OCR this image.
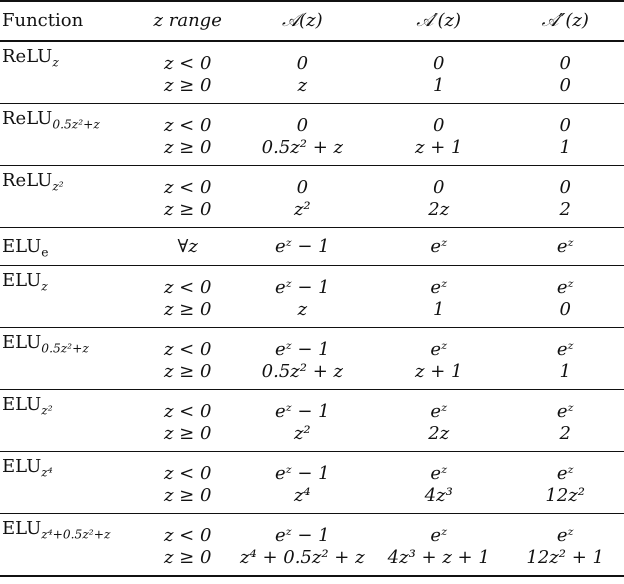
Function	z range	𝒜(z)	𝒜′(z)	𝒜″(z)
ReLU$_z$	z < 0	0	0	0
	z ≥ 0	z	1	0
ReLU$_{0.5z^2+z}$	z < 0	0	0	0
	z ≥ 0	0.5z² + z	z + 1	1
ReLU$_{z^2}$	z < 0	0	0	0
	z ≥ 0	z²	2z	2
$ELU_e$	∀z	eᶻ − 1	eᶻ	eᶻ
$ELU_z$	z < 0	eᶻ − 1	eᶻ	eᶻ
	z ≥ 0	z	1	0
$ELU_{0.5z^2+z}$	z < 0	eᶻ − 1	eᶻ	eᶻ
	z ≥ 0	0.5z² + z	z + 1	1
$ELU_{z^2}$	z < 0	eᶻ − 1	eᶻ	eᶻ
	z ≥ 0	z²	2z	2
$ELU_{z^4}$	z < 0	eᶻ − 1	eᶻ	eᶻ
	z ≥ 0	z⁴	4z³	12z²
$ELU_{z^4+0.5z^2+z}$	z < 0	eᶻ − 1	eᶻ	eᶻ
	z ≥ 0	z⁴ + 0.5z² + z	4z³ + z + 1	12z² + 1
